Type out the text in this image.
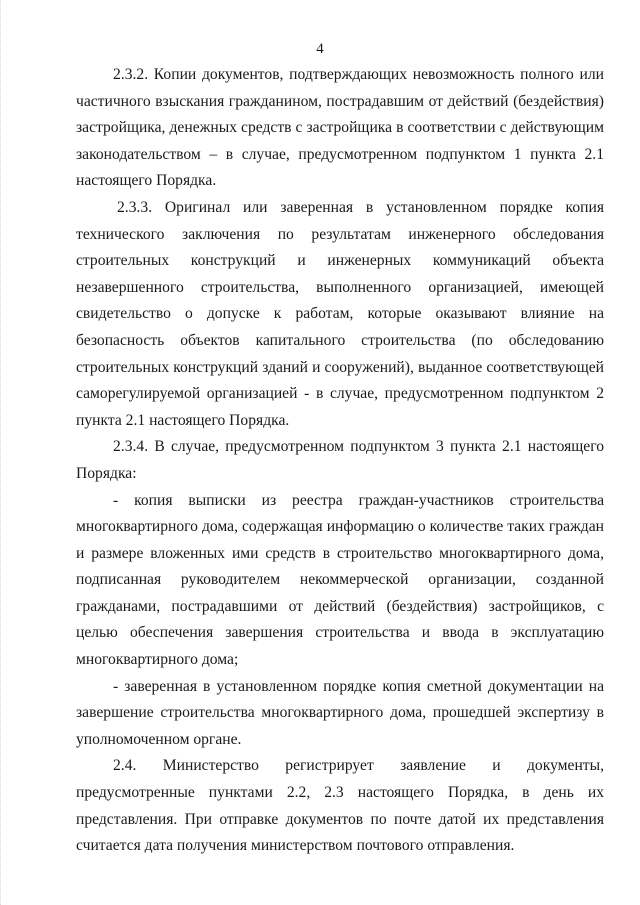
4

2.3.2. Копии документов, подтверждающих невозможность полного или частичного взыскания гражданином, пострадавшим от действий (бездействия) застройщика, денежных средств с застройщика в соответствии с действующим законодательством – в случае, предусмотренном подпунктом 1 пункта 2.1 настоящего Порядка.

2.3.3. Оригинал или заверенная в установленном порядке копия технического заключения по результатам инженерного обследования строительных конструкций и инженерных коммуникаций объекта незавершенного строительства, выполненного организацией, имеющей свидетельство о допуске к работам, которые оказывают влияние на безопасность объектов капитального строительства (по обследованию строительных конструкций зданий и сооружений), выданное соответствующей саморегулируемой организацией - в случае, предусмотренном подпунктом 2 пункта 2.1 настоящего Порядка.

2.3.4. В случае, предусмотренном подпунктом 3 пункта 2.1 настоящего Порядка:

- копия выписки из реестра граждан-участников строительства многоквартирного дома, содержащая информацию о количестве таких граждан и размере вложенных ими средств в строительство многоквартирного дома, подписанная руководителем некоммерческой организации, созданной гражданами, пострадавшими от действий (бездействия) застройщиков, с целью обеспечения завершения строительства и ввода в эксплуатацию многоквартирного дома;

- заверенная в установленном порядке копия сметной документации на завершение строительства многоквартирного дома, прошедшей экспертизу в уполномоченном органе.

2.4. Министерство регистрирует заявление и документы, предусмотренные пунктами 2.2, 2.3 настоящего Порядка, в день их представления. При отправке документов по почте датой их представления считается дата получения министерством почтового отправления.
